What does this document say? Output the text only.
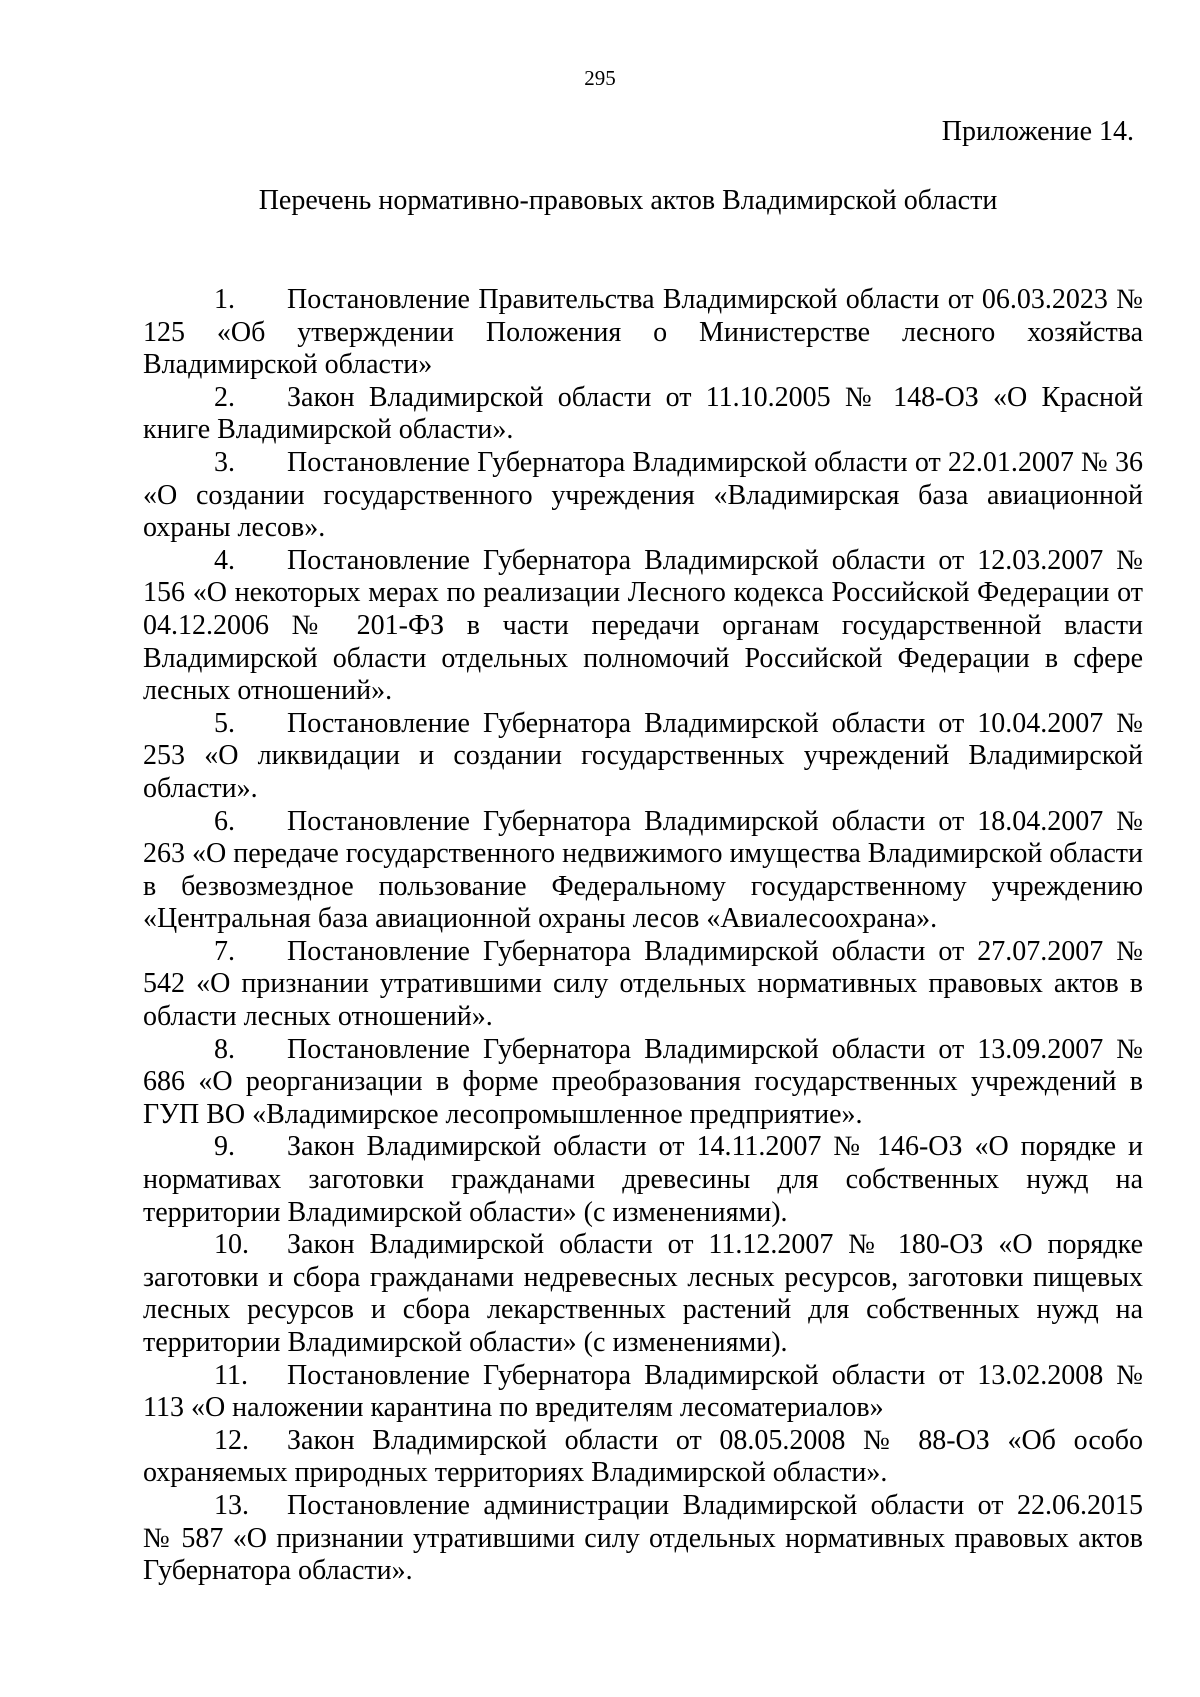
295
Приложение 14.
Перечень нормативно-правовых актов Владимирской области
1. Постановление Правительства Владимирской области от 06.03.2023 № 125 «Об утверждении Положения о Министерстве лесного хозяйства Владимирской области»
2. Закон Владимирской области от 11.10.2005 № 148-ОЗ «О Красной книге Владимирской области».
3. Постановление Губернатора Владимирской области от 22.01.2007 № 36 «О создании государственного учреждения «Владимирская база авиационной охраны лесов».
4. Постановление Губернатора Владимирской области от 12.03.2007 № 156 «О некоторых мерах по реализации Лесного кодекса Российской Федерации от 04.12.2006 № 201-ФЗ в части передачи органам государственной власти Владимирской области отдельных полномочий Российской Федерации в сфере лесных отношений».
5. Постановление Губернатора Владимирской области от 10.04.2007 № 253 «О ликвидации и создании государственных учреждений Владимирской области».
6. Постановление Губернатора Владимирской области от 18.04.2007 № 263 «О передаче государственного недвижимого имущества Владимирской области в безвозмездное пользование Федеральному государственному учреждению «Центральная база авиационной охраны лесов «Авиалесоохрана».
7. Постановление Губернатора Владимирской области от 27.07.2007 № 542 «О признании утратившими силу отдельных нормативных правовых актов в области лесных отношений».
8. Постановление Губернатора Владимирской области от 13.09.2007 № 686 «О реорганизации в форме преобразования государственных учреждений в ГУП ВО «Владимирское лесопромышленное предприятие».
9. Закон Владимирской области от 14.11.2007 № 146-ОЗ «О порядке и нормативах заготовки гражданами древесины для собственных нужд на территории Владимирской области» (с изменениями).
10. Закон Владимирской области от 11.12.2007 № 180-ОЗ «О порядке заготовки и сбора гражданами недревесных лесных ресурсов, заготовки пищевых лесных ресурсов и сбора лекарственных растений для собственных нужд на территории Владимирской области» (с изменениями).
11. Постановление Губернатора Владимирской области от 13.02.2008 № 113 «О наложении карантина по вредителям лесоматериалов»
12. Закон Владимирской области от 08.05.2008 № 88-ОЗ «Об особо охраняемых природных территориях Владимирской области».
13. Постановление администрации Владимирской области от 22.06.2015 № 587 «О признании утратившими силу отдельных нормативных правовых актов Губернатора области».
